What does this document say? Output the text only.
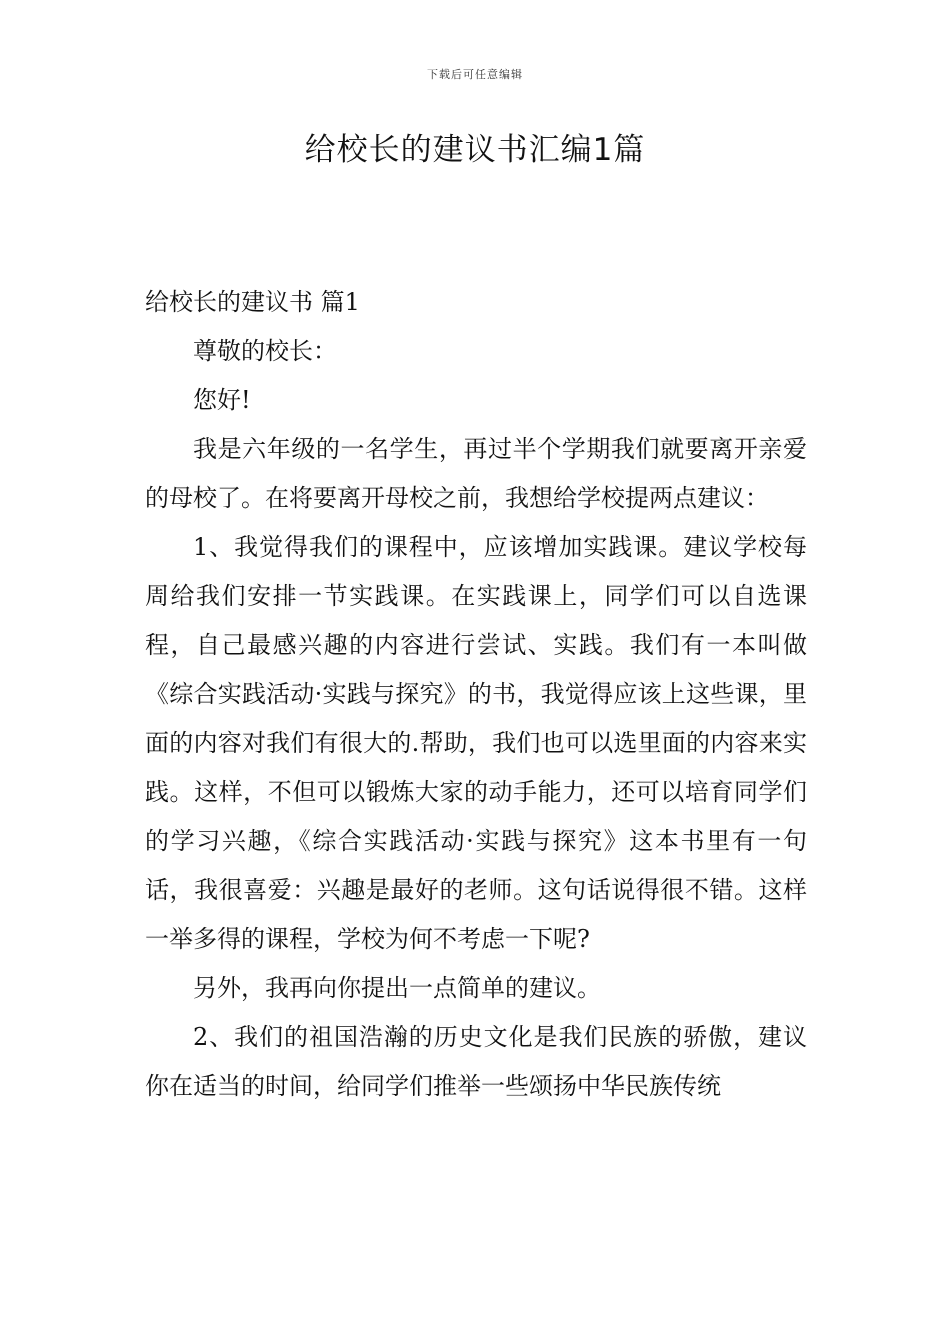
下载后可任意编辑
给校长的建议书汇编1篇

给校长的建议书 篇1

尊敬的校长：

您好!

我是六年级的一名学生，再过半个学期我们就要离开亲爱的母校了。在将要离开母校之前，我想给学校提两点建议：

1、我觉得我们的课程中，应该增加实践课。建议学校每周给我们安排一节实践课。在实践课上，同学们可以自选课程，自己最感兴趣的内容进行尝试、实践。我们有一本叫做《综合实践活动·实践与探究》的书，我觉得应该上这些课，里面的内容对我们有很大的.帮助，我们也可以选里面的内容来实践。这样，不但可以锻炼大家的动手能力，还可以培育同学们的学习兴趣，《综合实践活动·实践与探究》这本书里有一句话，我很喜爱：兴趣是最好的老师。这句话说得很不错。这样一举多得的课程，学校为何不考虑一下呢?

另外，我再向你提出一点简单的建议。

2、我们的祖国浩瀚的历史文化是我们民族的骄傲，建议你在适当的时间，给同学们推举一些颂扬中华民族传统
